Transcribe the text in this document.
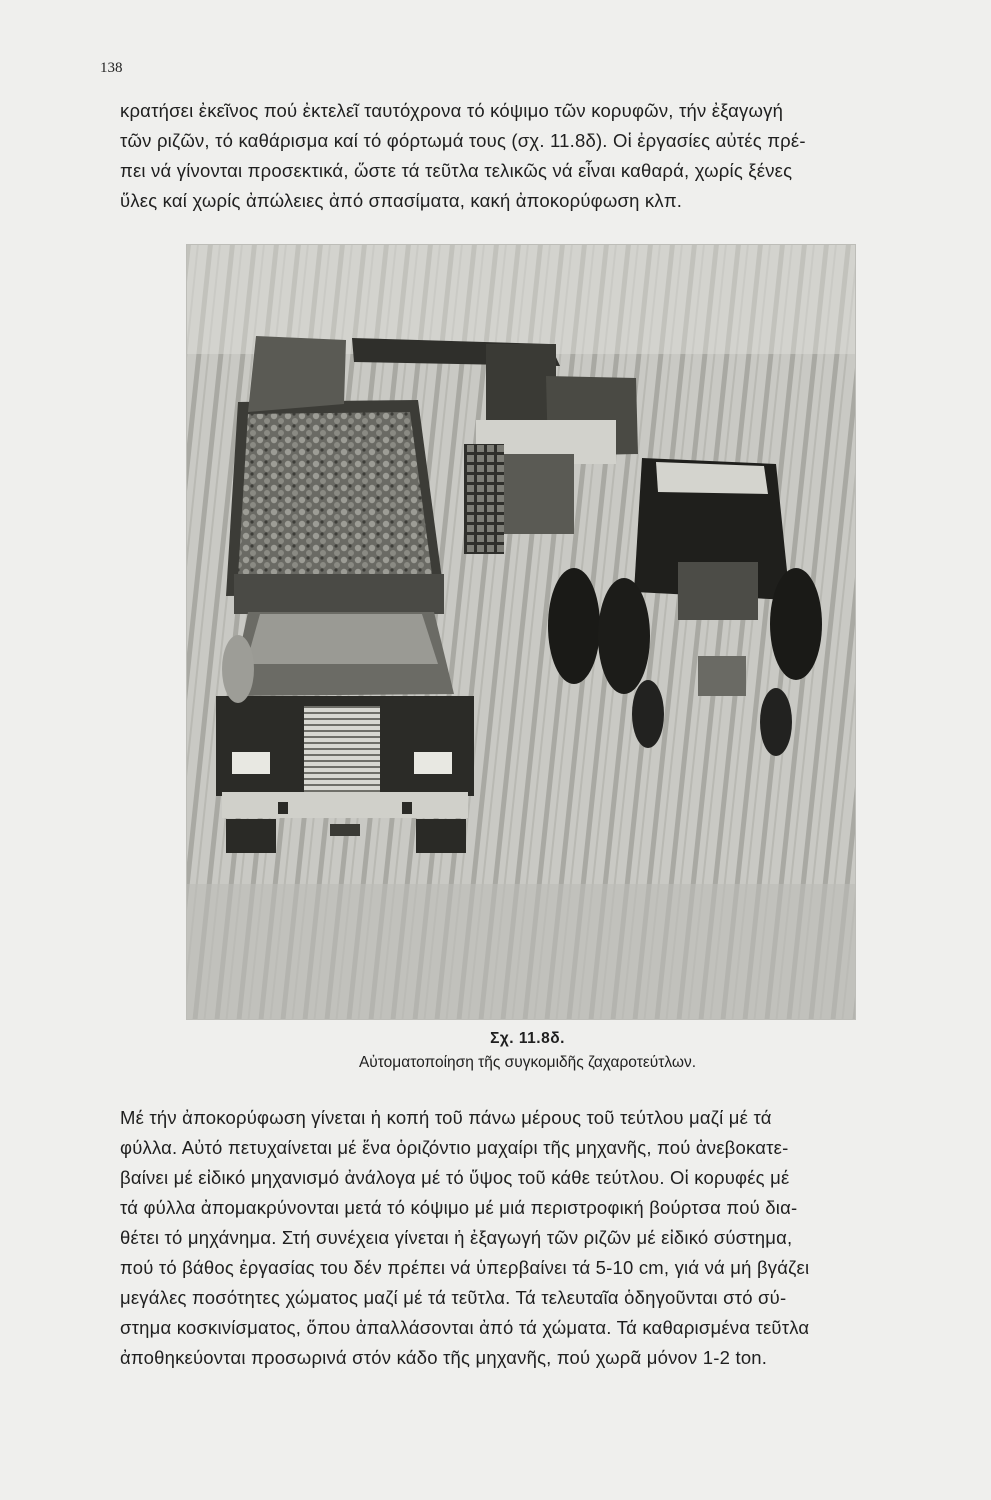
138
κρατήσει ἐκεῖνος πού ἐκτελεῖ ταυτόχρονα τό κόψιμο τῶν κορυφῶν, τήν ἐξαγωγή
τῶν ριζῶν, τό καθάρισμα καί τό φόρτωμά τους (σχ. 11.8δ). Οἱ ἐργασίες αὐτές πρέ-
πει νά γίνονται προσεκτικά, ὥστε τά τεῦτλα τελικῶς νά εἶναι καθαρά, χωρίς ξένες
ὕλες καί χωρίς ἀπώλειες ἀπό σπασίματα, κακή ἀποκορύφωση κλπ.
Σχ. 11.8δ.
Αὐτοματοποίηση τῆς συγκομιδῆς ζαχαροτεύτλων.
Μέ τήν ἀποκορύφωση γίνεται ἡ κοπή τοῦ πάνω μέρους τοῦ τεύτλου μαζί μέ τά
φύλλα. Αὐτό πετυχαίνεται μέ ἕνα ὁριζόντιο μαχαίρι τῆς μηχανῆς, πού ἀνεβοκατε-
βαίνει μέ εἰδικό μηχανισμό ἀνάλογα μέ τό ὕψος τοῦ κάθε τεύτλου. Οἱ κορυφές μέ
τά φύλλα ἀπομακρύνονται μετά τό κόψιμο μέ μιά περιστροφική βούρτσα πού δια-
θέτει τό μηχάνημα. Στή συνέχεια γίνεται ἡ ἐξαγωγή τῶν ριζῶν μέ εἰδικό σύστημα,
πού τό βάθος ἐργασίας του δέν πρέπει νά ὑπερβαίνει τά 5-10 cm, γιά νά μή βγάζει
μεγάλες ποσότητες χώματος μαζί μέ τά τεῦτλα. Τά τελευταῖα ὁδηγοῦνται στό σύ-
στημα κοσκινίσματος, ὅπου ἀπαλλάσονται ἀπό τά χώματα. Τά καθαρισμένα τεῦτλα
ἀποθηκεύονται προσωρινά στόν κάδο τῆς μηχανῆς, πού χωρᾶ μόνον 1-2 ton.
